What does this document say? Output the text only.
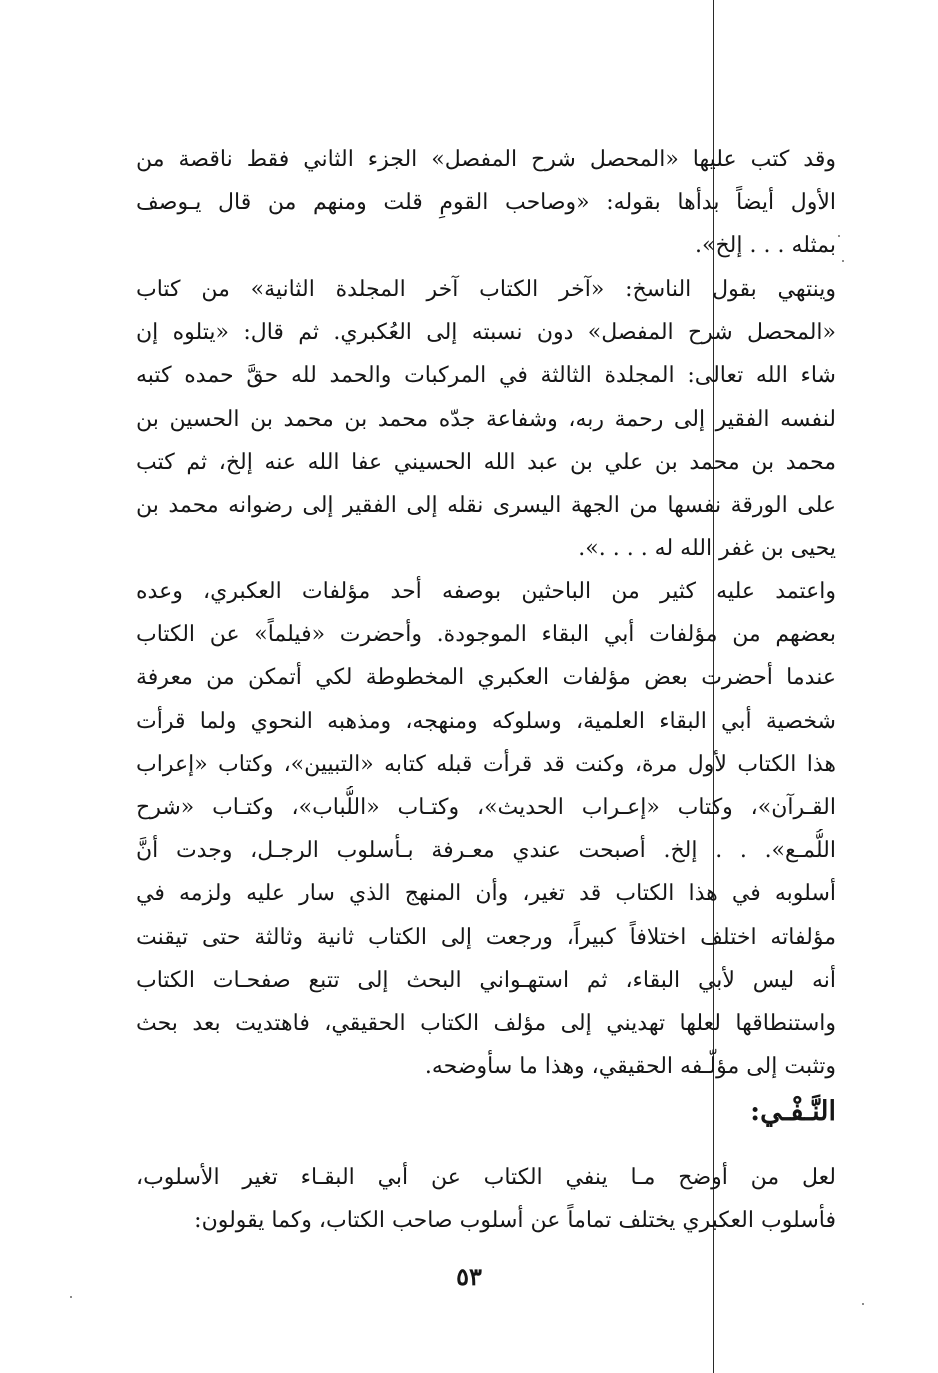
وقد كتب عليها «المحصل شرح المفصل» الجزء الثاني فقط ناقصة من
الأول أيضاً بدأها بقوله: «وصاحب القومِ قلت ومنهم من قال يـوصف
بمثله . . . إلخ».

وينتهي بقول الناسخ: «آخر الكتاب آخر المجلدة الثانية» من كتاب
«المحصل شرح المفصل» دون نسبته إلى العُكبري. ثم قال: «يتلوه إن
شاء الله تعالى: المجلدة الثالثة في المركبات والحمد لله حقَّ حمده كتبه
لنفسه الفقير إلى رحمة ربه، وشفاعة جدّه محمد بن محمد بن الحسين بن
محمد بن محمد بن علي بن عبد الله الحسيني عفا الله عنه إلخ، ثم كتب
على الورقة نفسها من الجهة اليسرى نقله إلى الفقير إلى رضوانه محمد بن
يحيى بن غفر الله له . . . .».

واعتمد عليه كثير من الباحثين بوصفه أحد مؤلفات العكبري، وعده
بعضهم من مؤلفات أبي البقاء الموجودة. وأحضرت «فيلماً» عن الكتاب
عندما أحضرت بعض مؤلفات العكبري المخطوطة لكي أتمكن من معرفة
شخصية أبي البقاء العلمية، وسلوكه ومنهجه، ومذهبه النحوي ولما قرأت
هذا الكتاب لأول مرة، وكنت قد قرأت قبله كتابه «التبيين»، وكتاب «إعراب
القـرآن»، وكتاب «إعـراب الحديث»، وكتـاب «اللُّباب»، وكتـاب «شرح
اللُّمـع». . . إلخ. أصبحت عندي معـرفة بـأسلوب الرجـل، وجدت أنَّ
أسلوبه في هذا الكتاب قد تغير، وأن المنهج الذي سار عليه ولزمه في
مؤلفاته اختلف اختلافاً كبيراً، ورجعت إلى الكتاب ثانية وثالثة حتى تيقنت
أنه ليس لأبي البقاء، ثم استهـواني البحث إلى تتبع صفحـات الكتاب
واستنطاقها لعلها تهديني إلى مؤلف الكتاب الحقيقي، فاهتديت بعد بحث
وتثبت إلى مؤلّـفه الحقيقي، وهذا ما سأوضحه.

النَّـفْـي:

لعل من أوضح مـا ينفي الكتاب عن أبي البقـاء تغير الأسلوب،
فأسلوب العكبري يختلف تماماً عن أسلوب صاحب الكتاب، وكما يقولون:

٥٣
